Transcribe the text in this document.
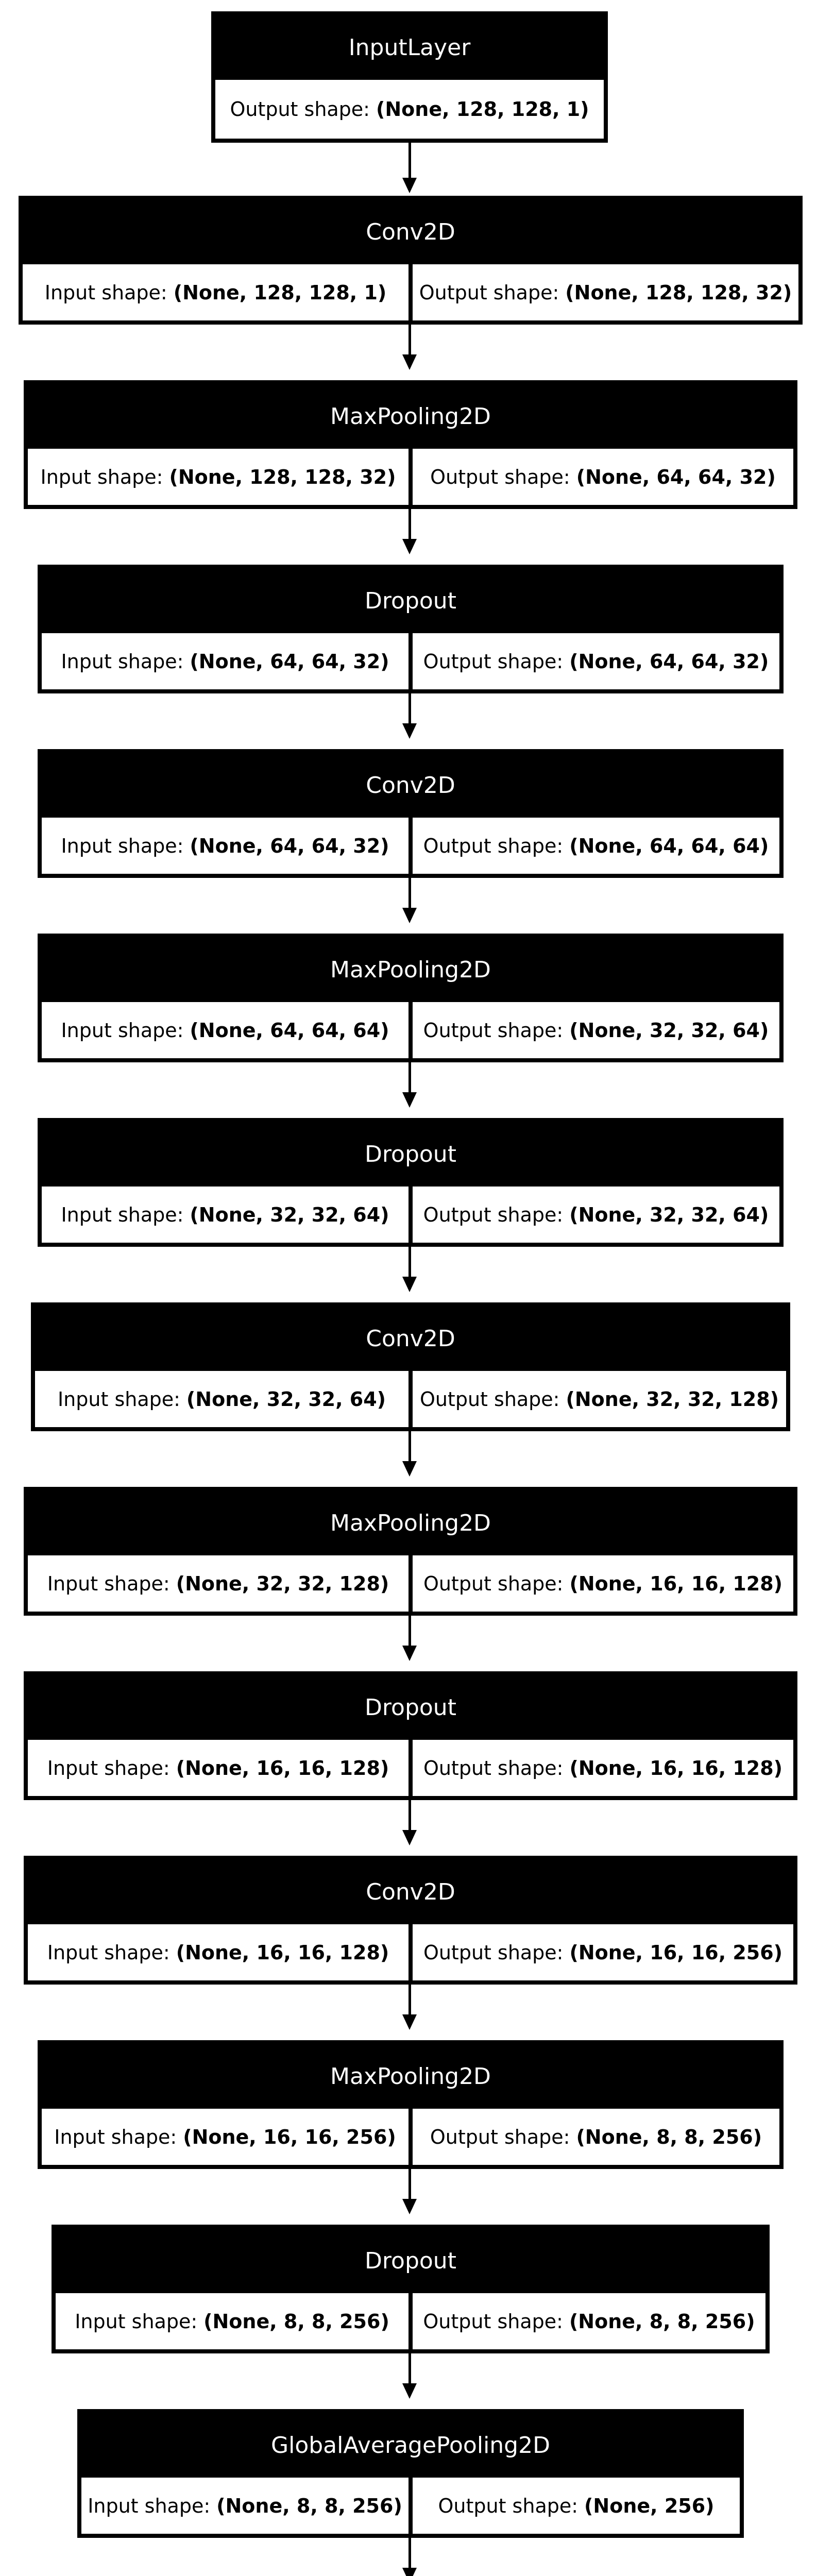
InputLayer
Output shape: (None, 128, 128, 1)
Conv2D
Input shape: (None, 128, 128, 1) Output shape: (None, 128, 128, 32)
MaxPooling2D
Input shape: (None, 128, 128, 32) Output shape: (None, 64, 64, 32)
Dropout
Input shape: (None, 64, 64, 32) Output shape: (None, 64, 64, 32)
Conv2D
Input shape: (None, 64, 64, 32) Output shape: (None, 64, 64, 64)
MaxPooling2D
Input shape: (None, 64, 64, 64) Output shape: (None, 32, 32, 64)
Dropout
Input shape: (None, 32, 32, 64) Output shape: (None, 32, 32, 64)
Conv2D
Input shape: (None, 32, 32, 64) Output shape: (None, 32, 32, 128)
MaxPooling2D
Input shape: (None, 32, 32, 128) Output shape: (None, 16, 16, 128)
Dropout
Input shape: (None, 16, 16, 128) Output shape: (None, 16, 16, 128)
Conv2D
Input shape: (None, 16, 16, 128) Output shape: (None, 16, 16, 256)
MaxPooling2D
Input shape: (None, 16, 16, 256) Output shape: (None, 8, 8, 256)
Dropout
Input shape: (None, 8, 8, 256) Output shape: (None, 8, 8, 256)
GlobalAveragePooling2D
Input shape: (None, 8, 8, 256) Output shape: (None, 256)
